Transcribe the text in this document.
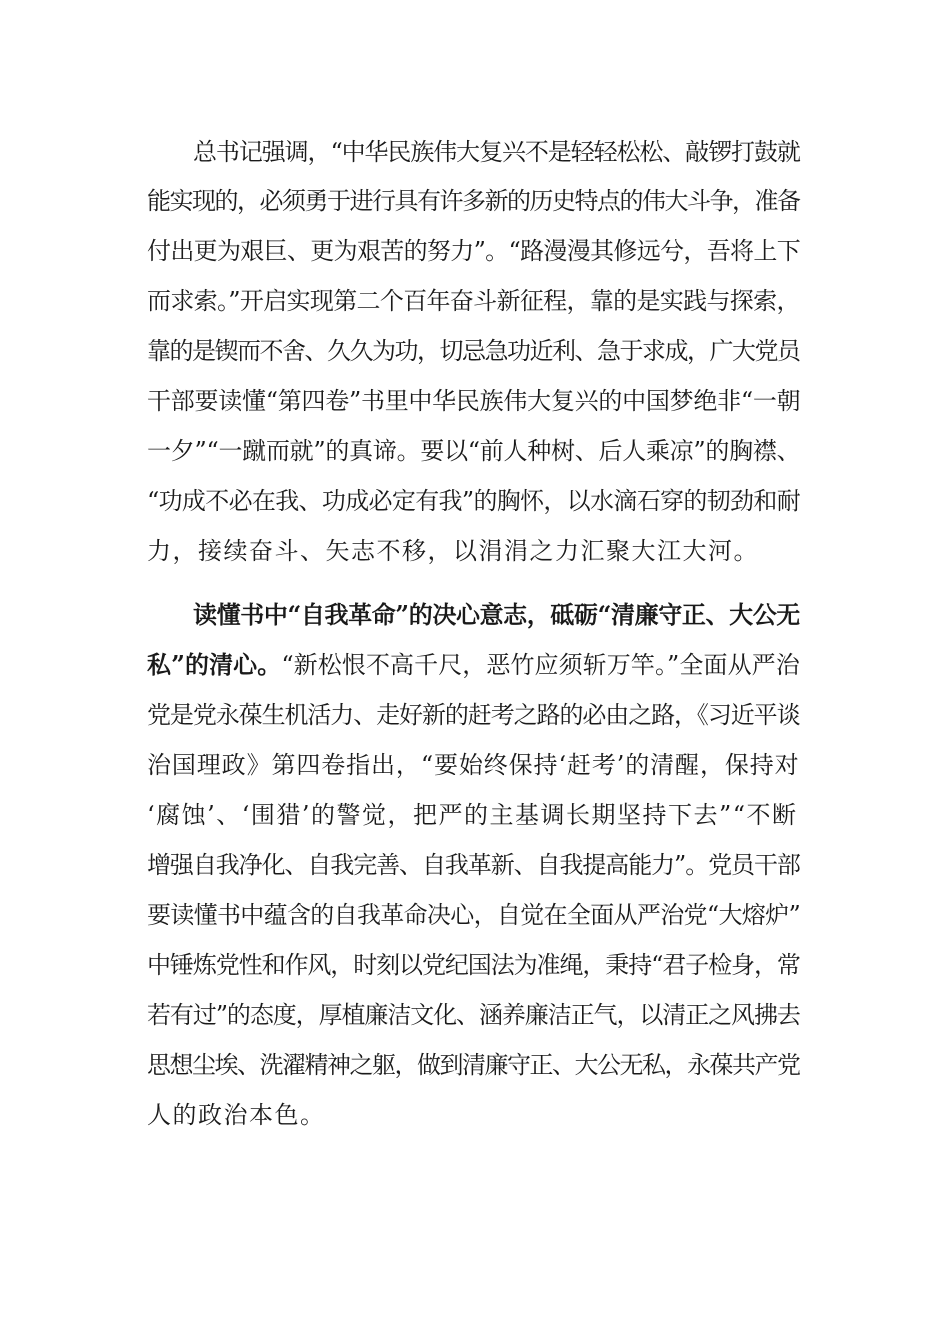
总书记强调，“中华民族伟大复兴不是轻轻松松、敲锣打鼓就
能实现的，必须勇于进行具有许多新的历史特点的伟大斗争，准备
付出更为艰巨、更为艰苦的努力”。“路漫漫其修远兮，吾将上下
而求索。”开启实现第二个百年奋斗新征程，靠的是实践与探索，
靠的是锲而不舍、久久为功，切忌急功近利、急于求成，广大党员
干部要读懂“第四卷”书里中华民族伟大复兴的中国梦绝非“一朝
一夕”“一蹴而就”的真谛。要以“前人种树、后人乘凉”的胸襟、
“功成不必在我、功成必定有我”的胸怀，以水滴石穿的韧劲和耐
力，接续奋斗、矢志不移，以涓涓之力汇聚大江大河。
读懂书中“自我革命”的决心意志，砥砺“清廉守正、大公无
私”的清心。“新松恨不高千尺，恶竹应须斩万竿。”全面从严治
党是党永葆生机活力、走好新的赶考之路的必由之路，《习近平谈
治国理政》第四卷指出，“要始终保持‘赶考’的清醒，保持对
‘腐蚀’、‘围猎’的警觉，把严的主基调长期坚持下去”“不断
增强自我净化、自我完善、自我革新、自我提高能力”。党员干部
要读懂书中蕴含的自我革命决心，自觉在全面从严治党“大熔炉”
中锤炼党性和作风，时刻以党纪国法为准绳，秉持“君子检身，常
若有过”的态度，厚植廉洁文化、涵养廉洁正气，以清正之风拂去
思想尘埃、洗濯精神之躯，做到清廉守正、大公无私，永葆共产党
人的政治本色。
